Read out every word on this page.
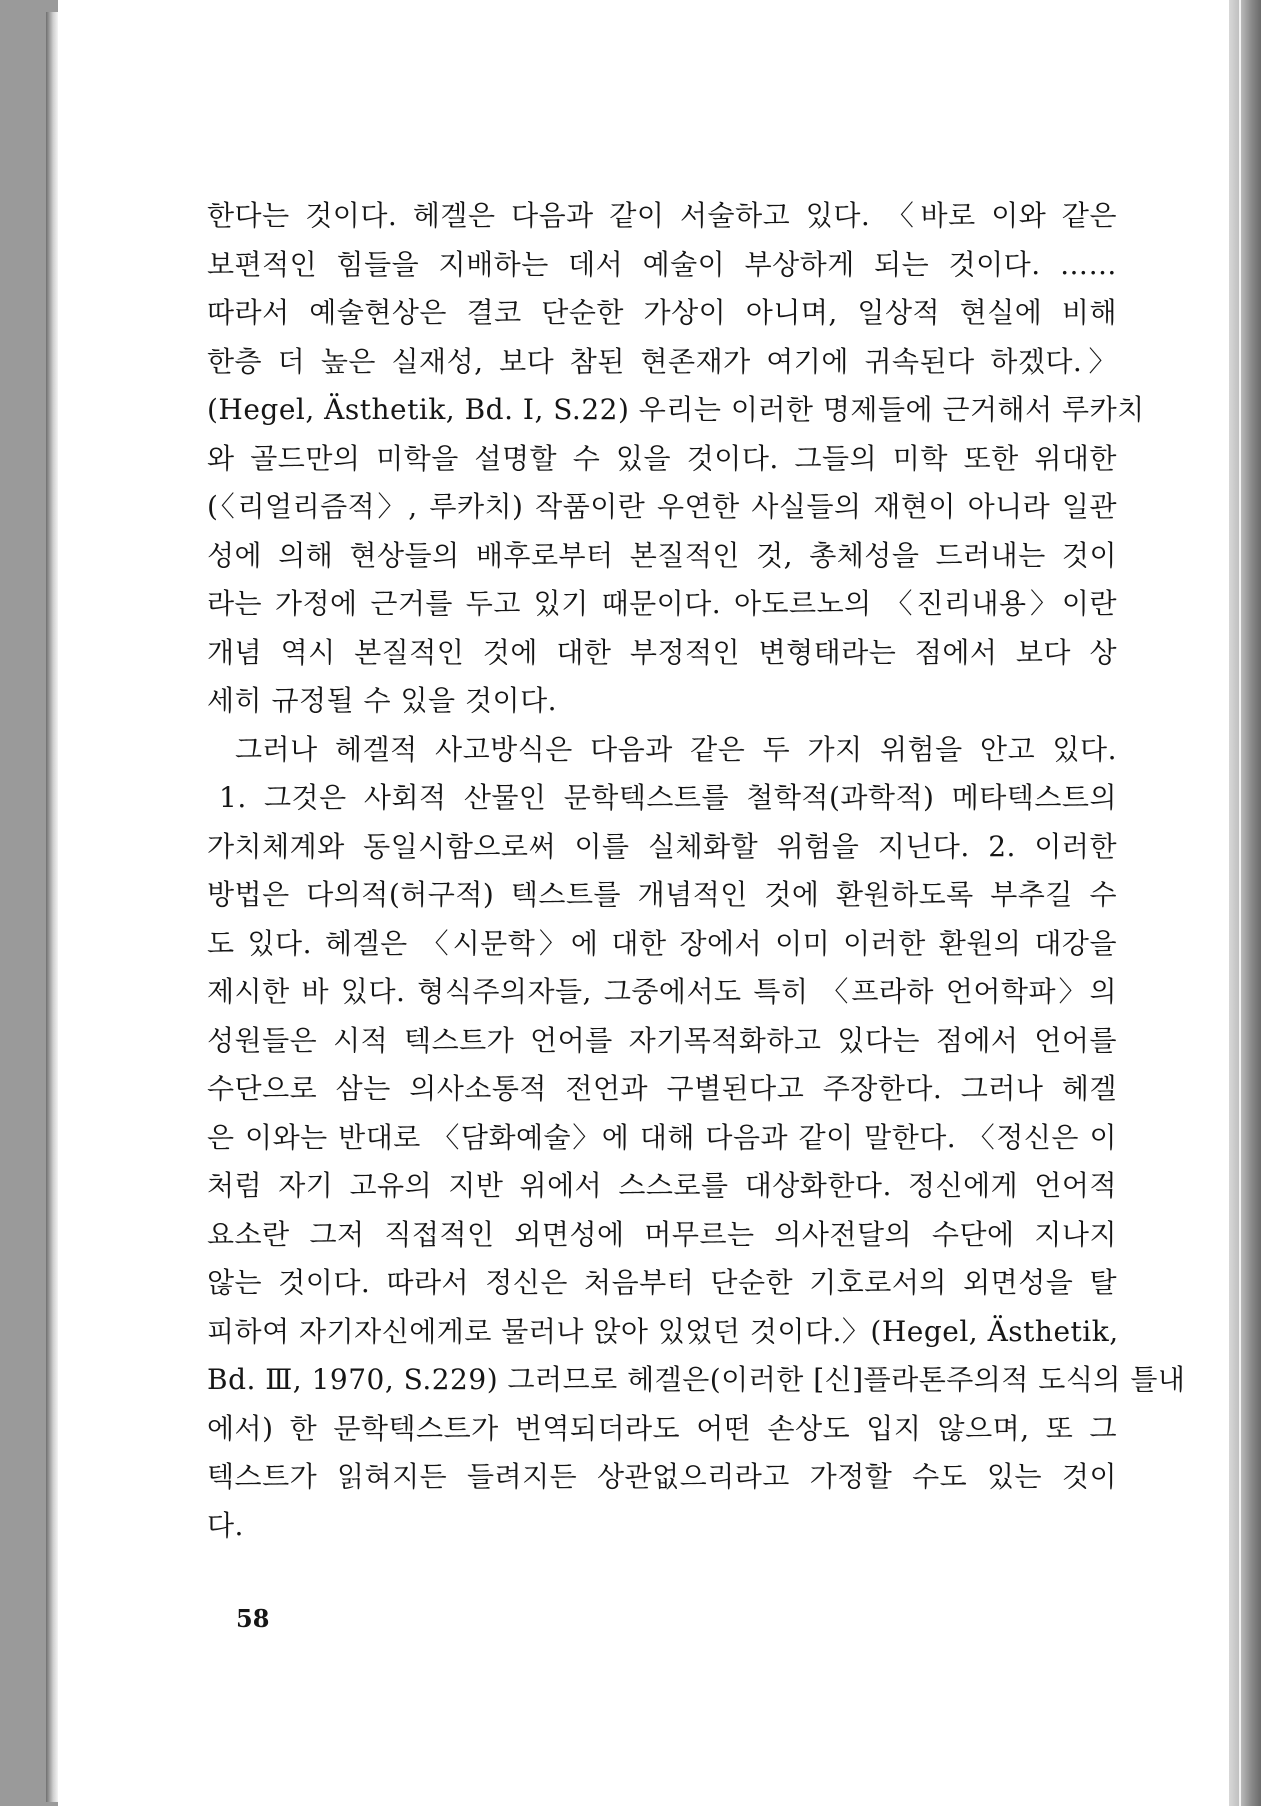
한다는 것이다. 헤겔은 다음과 같이 서술하고 있다. 〈바로 이와 같은
보편적인 힘들을 지배하는 데서 예술이 부상하게 되는 것이다. ……
따라서 예술현상은 결코 단순한 가상이 아니며, 일상적 현실에 비해
한층 더 높은 실재성, 보다 참된 현존재가 여기에 귀속된다 하겠다.〉
(Hegel, Ästhetik, Bd. Ⅰ, S.22) 우리는 이러한 명제들에 근거해서 루카치
와 골드만의 미학을 설명할 수 있을 것이다. 그들의 미학 또한 위대한
(〈리얼리즘적〉, 루카치) 작품이란 우연한 사실들의 재현이 아니라 일관
성에 의해 현상들의 배후로부터 본질적인 것, 총체성을 드러내는 것이
라는 가정에 근거를 두고 있기 때문이다. 아도르노의 〈진리내용〉이란
개념 역시 본질적인 것에 대한 부정적인 변형태라는 점에서 보다 상
세히 규정될 수 있을 것이다.
그러나 헤겔적 사고방식은 다음과 같은 두 가지 위험을 안고 있다.
1. 그것은 사회적 산물인 문학텍스트를 철학적(과학적) 메타텍스트의
가치체계와 동일시함으로써 이를 실체화할 위험을 지닌다. 2. 이러한
방법은 다의적(허구적) 텍스트를 개념적인 것에 환원하도록 부추길 수
도 있다. 헤겔은 〈시문학〉에 대한 장에서 이미 이러한 환원의 대강을
제시한 바 있다. 형식주의자들, 그중에서도 특히 〈프라하 언어학파〉의
성원들은 시적 텍스트가 언어를 자기목적화하고 있다는 점에서 언어를
수단으로 삼는 의사소통적 전언과 구별된다고 주장한다. 그러나 헤겔
은 이와는 반대로 〈담화예술〉에 대해 다음과 같이 말한다. 〈정신은 이
처럼 자기 고유의 지반 위에서 스스로를 대상화한다. 정신에게 언어적
요소란 그저 직접적인 외면성에 머무르는 의사전달의 수단에 지나지
않는 것이다. 따라서 정신은 처음부터 단순한 기호로서의 외면성을 탈
피하여 자기자신에게로 물러나 앉아 있었던 것이다.〉(Hegel, Ästhetik,
Bd. Ⅲ, 1970, S.229) 그러므로 헤겔은(이러한 [신]플라톤주의적 도식의 틀내
에서) 한 문학텍스트가 번역되더라도 어떤 손상도 입지 않으며, 또 그
텍스트가 읽혀지든 들려지든 상관없으리라고 가정할 수도 있는 것이
다.
58
